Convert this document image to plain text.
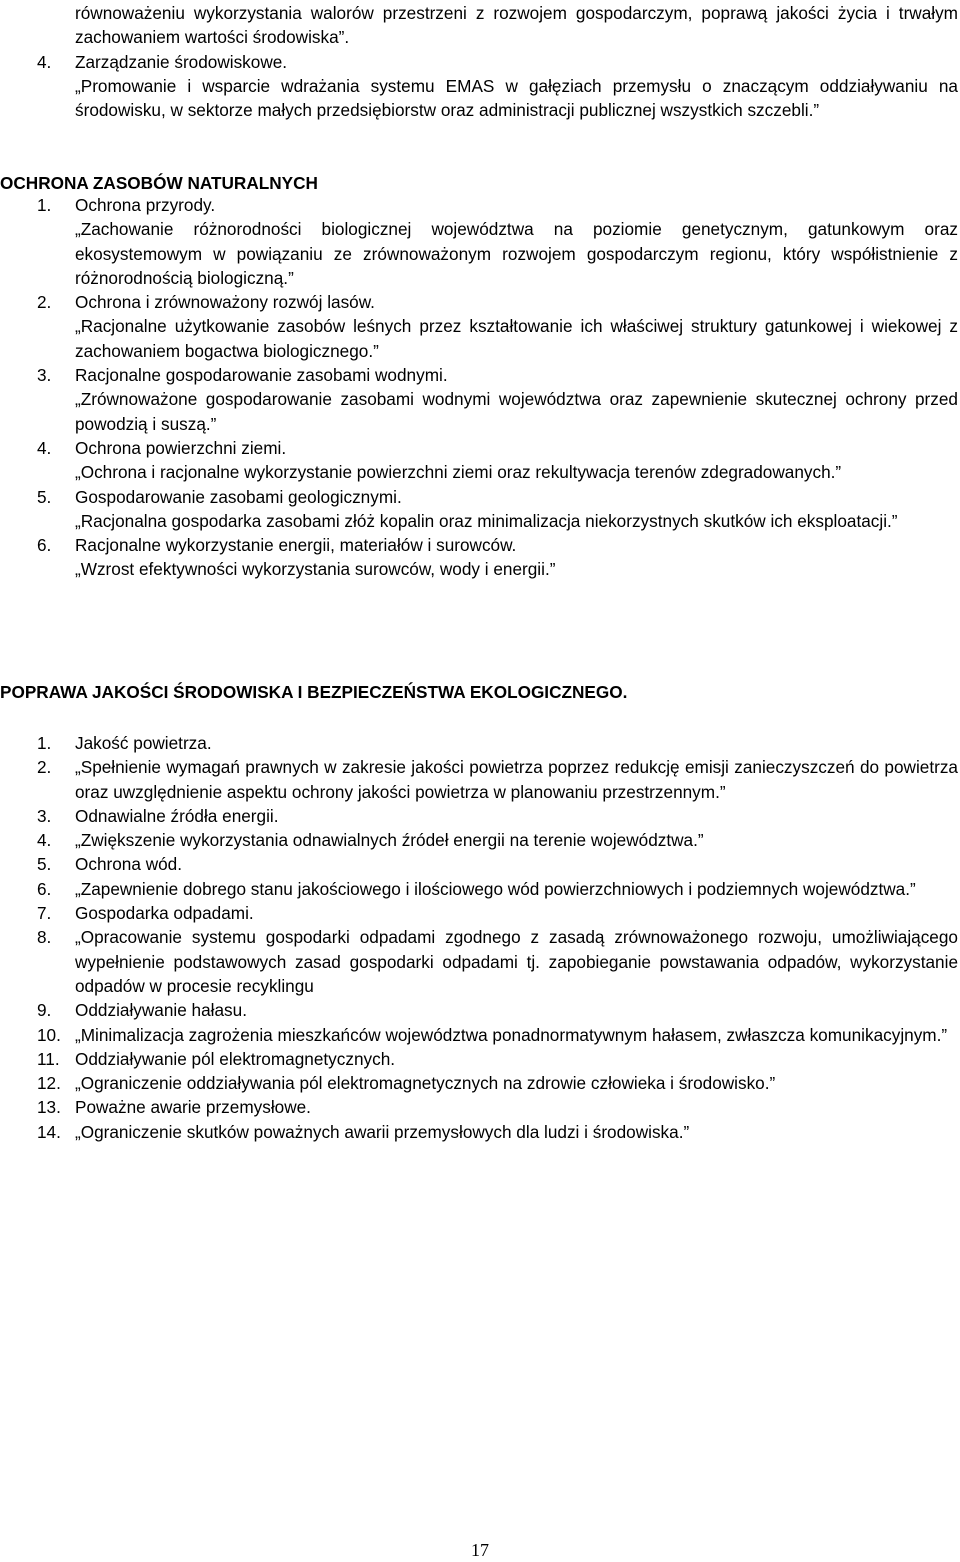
równoważeniu wykorzystania walorów przestrzeni z rozwojem gospodarczym, poprawą jakości życia i trwałym zachowaniem wartości środowiska”.
4. Zarządzanie środowiskowe.
„Promowanie i wsparcie wdrażania systemu EMAS w gałęziach przemysłu o znaczącym oddziaływaniu na środowisku, w sektorze małych przedsiębiorstw oraz administracji publicznej wszystkich szczebli.”
OCHRONA ZASOBÓW NATURALNYCH
1. Ochrona przyrody.
„Zachowanie różnorodności biologicznej województwa na poziomie genetycznym, gatunkowym oraz ekosystemowym w powiązaniu ze zrównoważonym rozwojem gospodarczym regionu, który współistnienie z różnorodnością biologiczną.”
2. Ochrona i zrównoważony rozwój lasów.
„Racjonalne użytkowanie zasobów leśnych przez kształtowanie ich właściwej struktury gatunkowej i wiekowej z zachowaniem bogactwa biologicznego.”
3. Racjonalne gospodarowanie zasobami wodnymi.
„Zrównoważone gospodarowanie zasobami wodnymi województwa oraz zapewnienie skutecznej ochrony przed powodzią i suszą.”
4. Ochrona powierzchni ziemi.
„Ochrona i racjonalne wykorzystanie powierzchni ziemi oraz rekultywacja terenów zdegradowanych.”
5. Gospodarowanie zasobami geologicznymi.
„Racjonalna gospodarka zasobami złóż kopalin oraz minimalizacja niekorzystnych skutków ich eksploatacji.”
6. Racjonalne wykorzystanie energii, materiałów i surowców.
„Wzrost efektywności wykorzystania surowców, wody i energii.”
POPRAWA JAKOŚCI ŚRODOWISKA I BEZPIECZEŃSTWA EKOLOGICZNEGO.
1. Jakość powietrza.
2. „Spełnienie wymagań prawnych w zakresie jakości powietrza poprzez redukcję emisji zanieczyszczeń do powietrza oraz uwzględnienie aspektu ochrony jakości powietrza w planowaniu przestrzennym.”
3. Odnawialne źródła energii.
4. „Zwiększenie wykorzystania odnawialnych źródeł energii na terenie województwa.”
5. Ochrona wód.
6. „Zapewnienie dobrego stanu jakościowego i ilościowego wód powierzchniowych i podziemnych województwa.”
7. Gospodarka odpadami.
8. „Opracowanie systemu gospodarki odpadami zgodnego z zasadą zrównoważonego rozwoju, umożliwiającego wypełnienie podstawowych zasad gospodarki odpadami tj. zapobieganie powstawania odpadów, wykorzystanie odpadów w procesie recyklingu
9. Oddziaływanie hałasu.
10. „Minimalizacja zagrożenia mieszkańców województwa ponadnormatywnym hałasem, zwłaszcza komunikacyjnym.”
11. Oddziaływanie pól elektromagnetycznych.
12. „Ograniczenie oddziaływania pól elektromagnetycznych na zdrowie człowieka i środowisko.”
13. Poważne awarie przemysłowe.
14. „Ograniczenie skutków poważnych awarii przemysłowych dla ludzi i środowiska.”
17
